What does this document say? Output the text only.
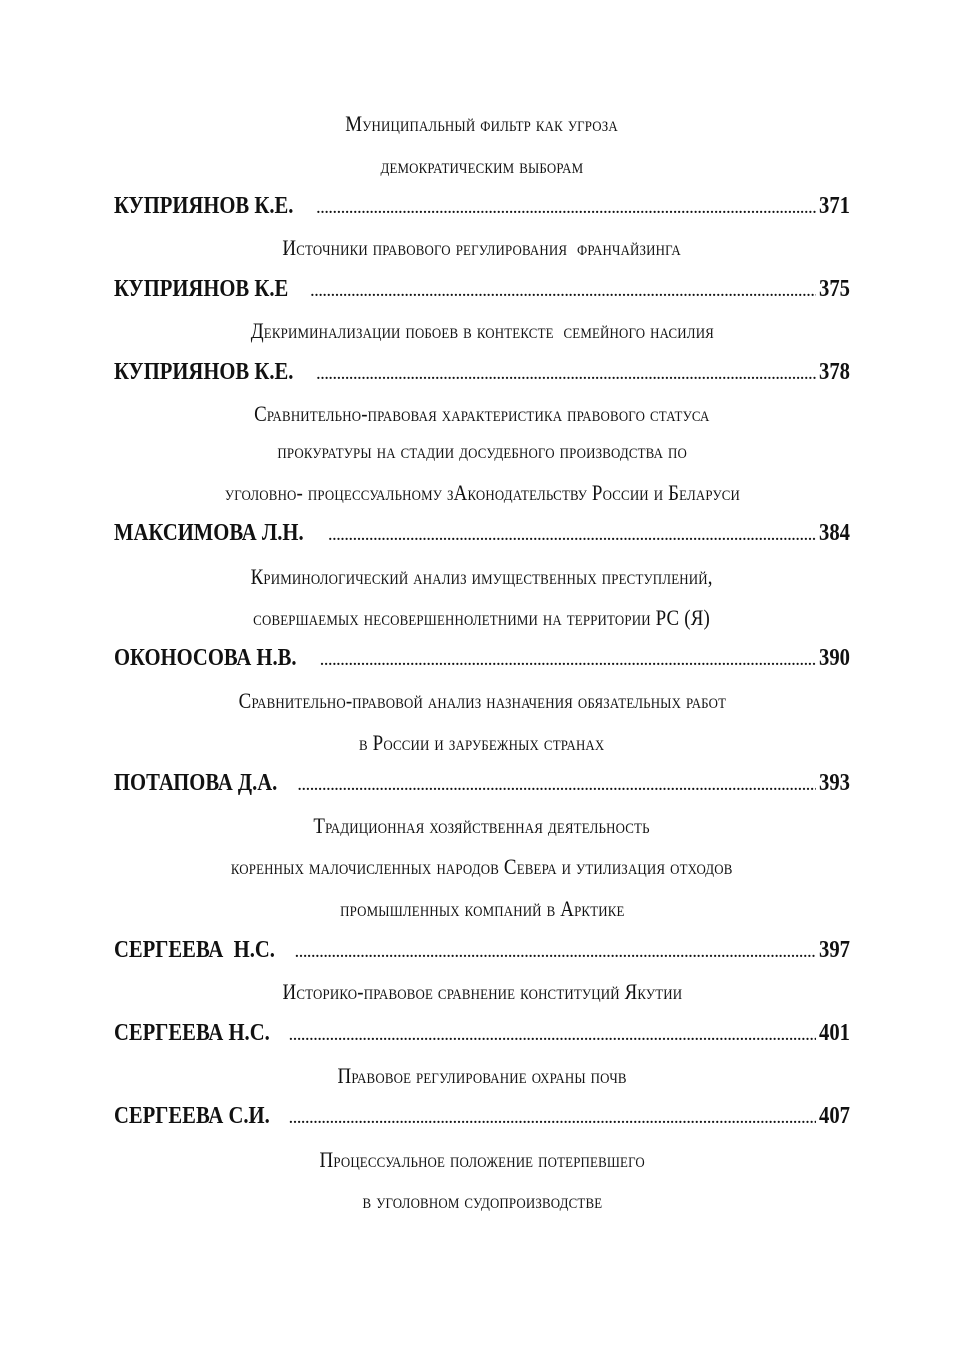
Муниципальный фильтр как угроза
демократическим выборам
КУПРИЯНОВ К.Е. .....	371
Источники правового регулирования  франчайзинга
КУПРИЯНОВ К.Е .....	375
Декриминализации побоев в контексте  семейного насилия
КУПРИЯНОВ К.Е. .....	378
Сравнительно-правовая характеристика правового статуса
прокуратуры на стадии досудебного производства по
уголовно- процессуальному зАконодательству России и Беларуси
МАКСИМОВА Л.Н. .....	384
Криминологический анализ имущественных преступлений,
совершаемых несовершеннолетними на территории РС (Я)
ОКОНОСОВА Н.В. .....	390
Сравнительно-правовой анализ назначения обязательных работ
в России и зарубежных странах
ПОТАПОВА Д.А. .....	393
Традиционная хозяйственная деятельность
коренных малочисленных народов Севера и утилизация отходов
промышленных компаний в Арктике
СЕРГЕЕВА  Н.С. .....	397
Историко-правовое сравнение конституций Якутии
СЕРГЕЕВА Н.С. .....	401
Правовое регулирование охраны почв
СЕРГЕЕВА С.И. .....	407
Процессуальное положение потерпевшего
в уголовном судопроизводстве
